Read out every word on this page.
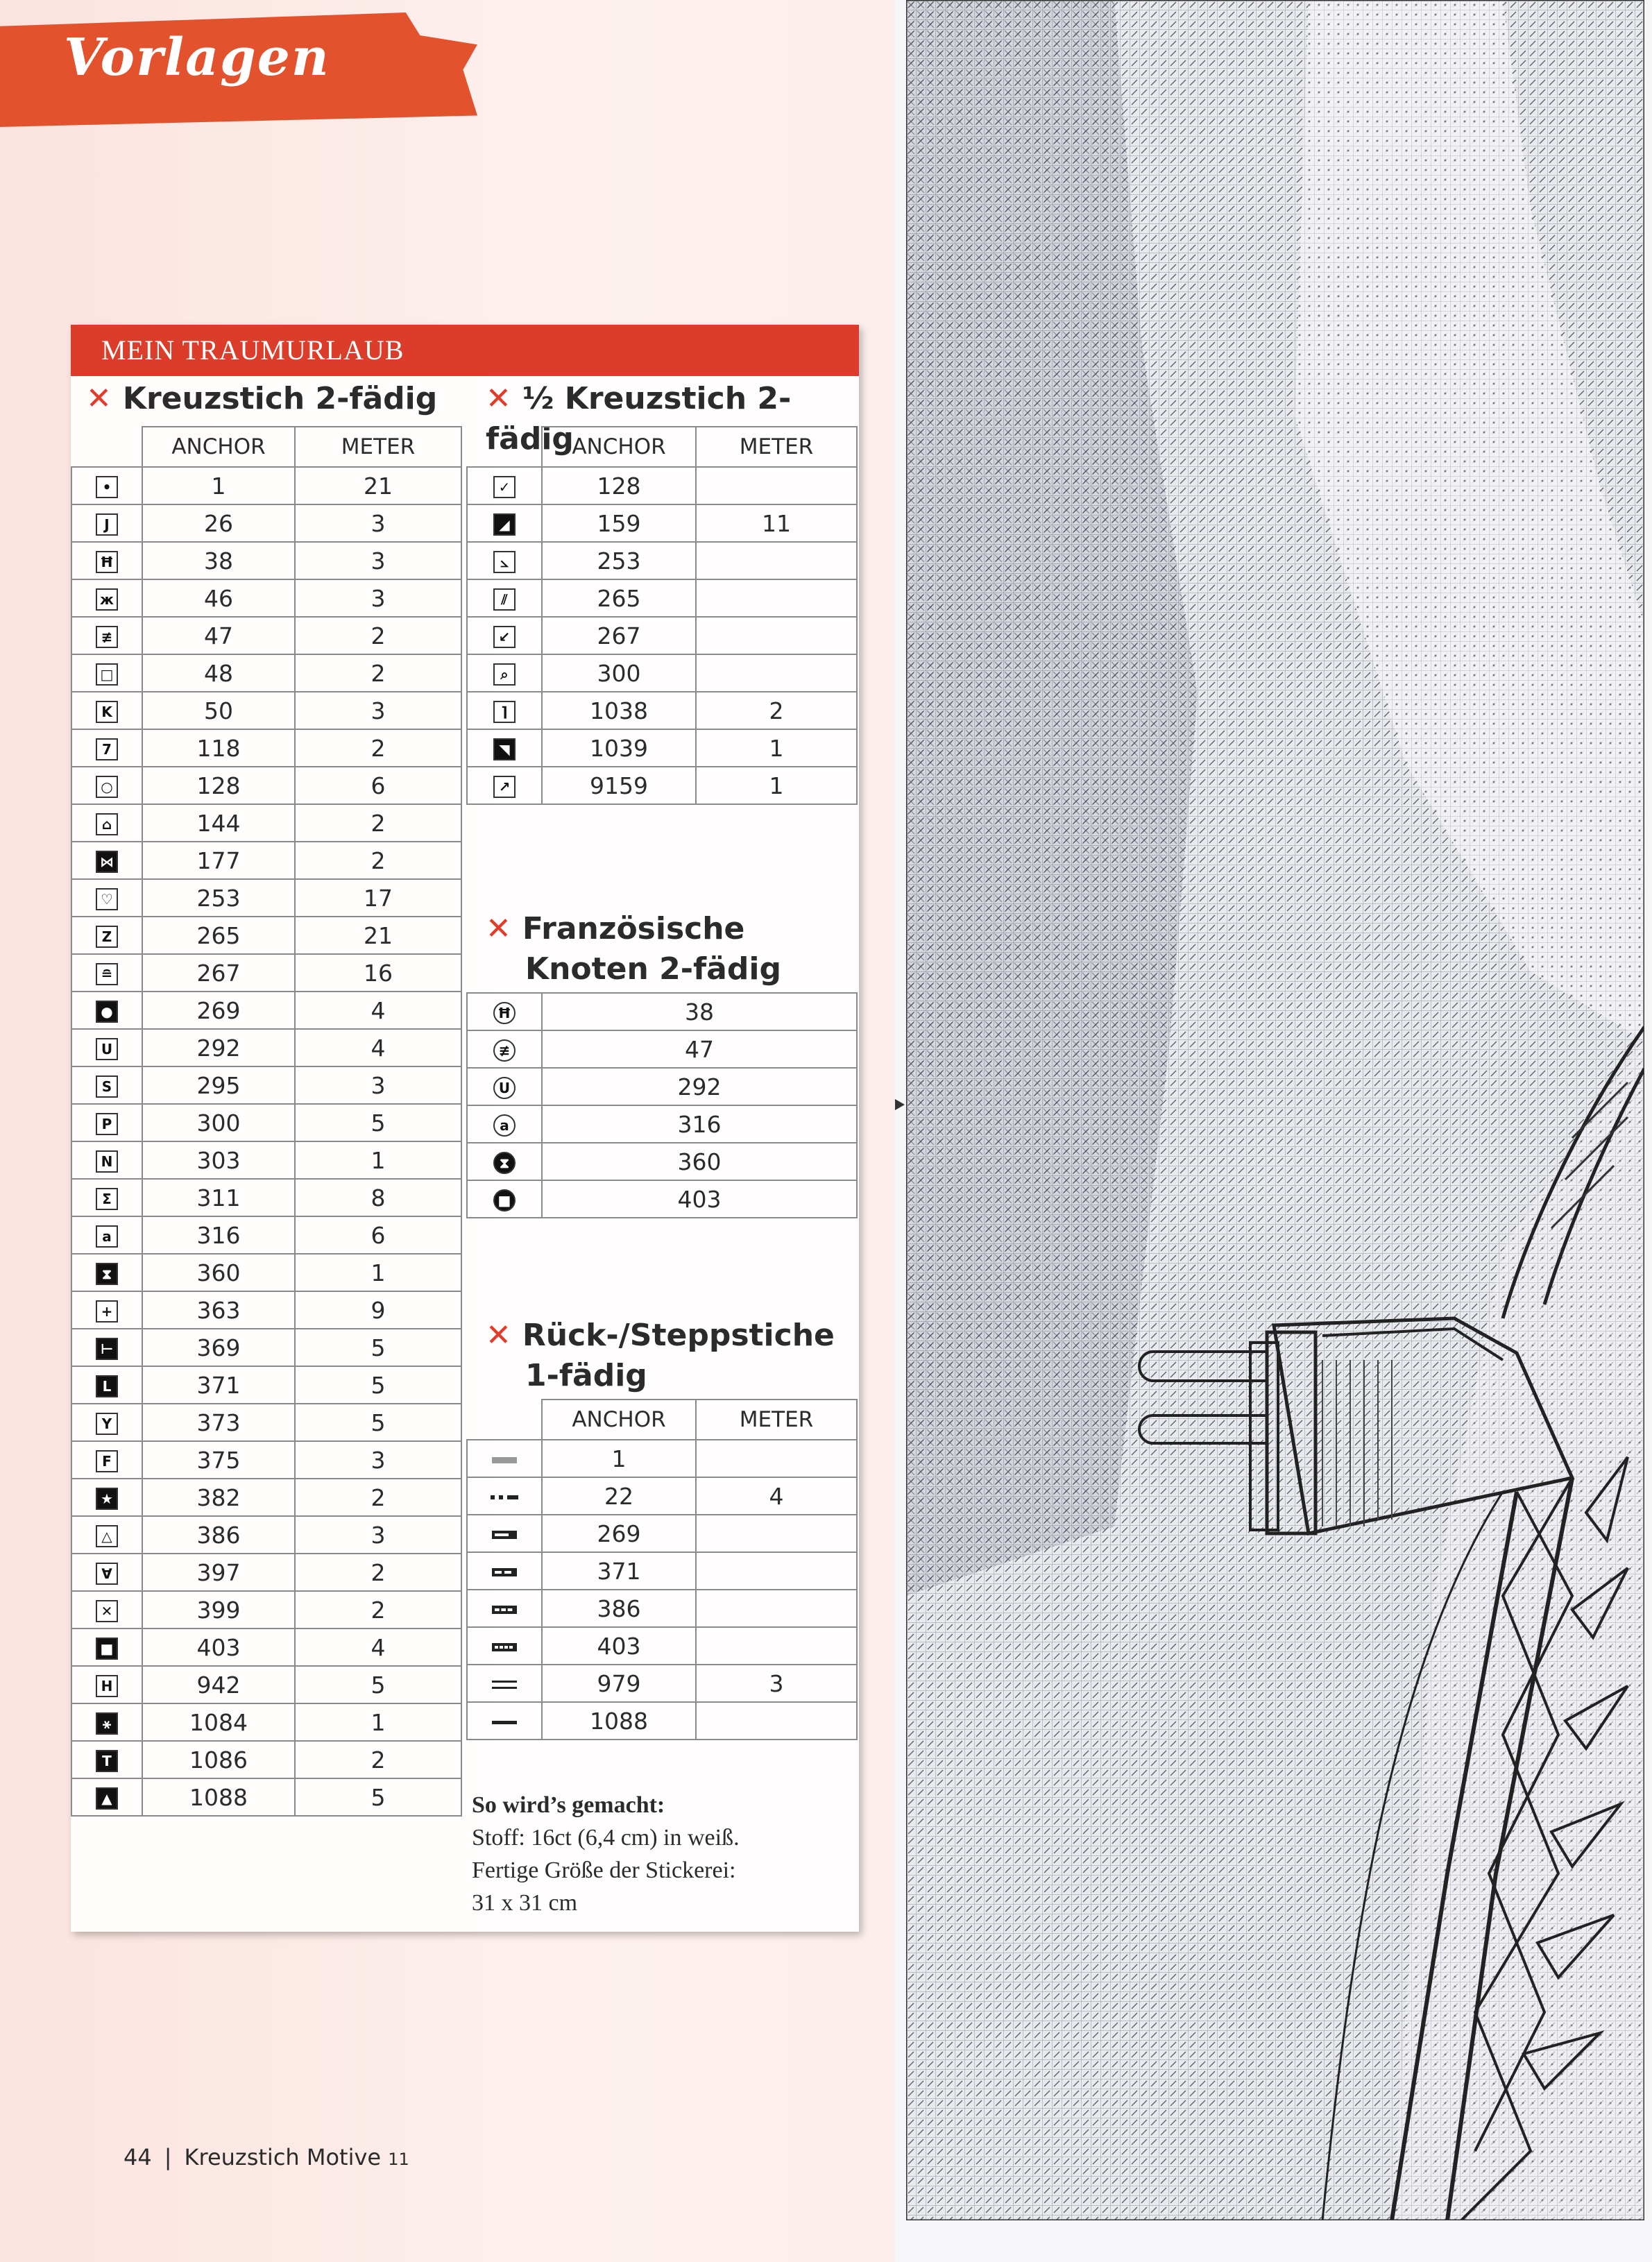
Vorlagen
MEIN TRAUMURLAUB
✕ Kreuzstich 2-fädig
	ANCHOR	METER
•	1	21
J	26	3
Ħ	38	3
ж	46	3
≢	47	2
□	48	2
K	50	3
7	118	2
○	128	6
⌂	144	2
⋈	177	2
♡	253	17
Z	265	21
≘	267	16
●	269	4
U	292	4
S	295	3
P	300	5
N	303	1
Σ	311	8
a	316	6
⧗	360	1
+	363	9
⊢	369	5
L	371	5
Y	373	5
F	375	3
★	382	2
△	386	3
∀	397	2
✕	399	2
■	403	4
H	942	5
⚹	1084	1
T	1086	2
▲	1088	5
✕ ½ Kreuzstich 2-fädig
	ANCHOR	METER
✓	128	
◢	159	11
⦣	253	
⫽	265	
↙	267	
⌕	300	
⌉	1038	2
◥	1039	1
↗	9159	1
✕ Französische
Knoten 2-fädig
Ħ	38
≢	47
U	292
a	316
⧗	360
■	403
✕ Rück-/Steppstiche
1-fädig
	ANCHOR	METER
	1	
	22	4
	269	
	371	
	386	
	403	
	979	3
	1088	
So wird’s gemacht:
Stoff: 16ct (6,4 cm) in weiß.
Fertige Größe der Stickerei:
31 x 31 cm
44 | Kreuzstich Motive 11
